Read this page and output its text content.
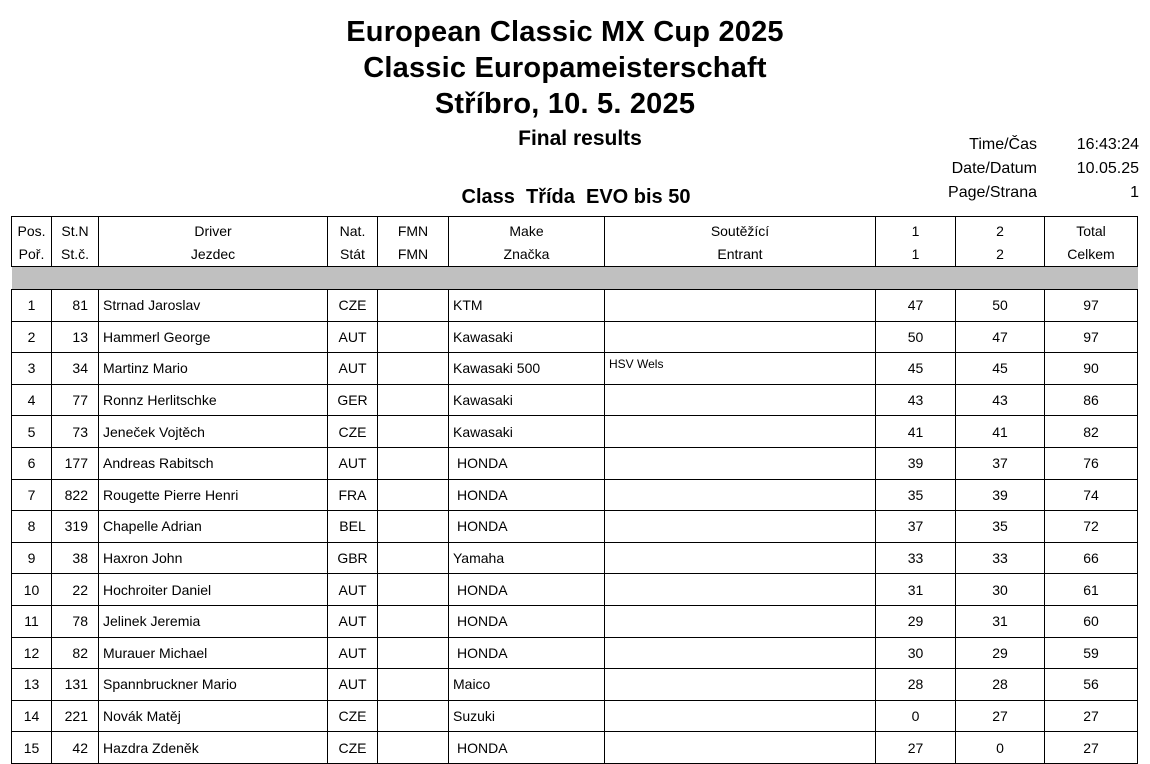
European Classic MX Cup 2025
Classic Europameisterschaft
Stříbro, 10. 5. 2025
Final results
Class  Třída  EVO bis 50
Time/Čas	16:43:24
Date/Datum	10.05.25
Page/Strana	1
Pos.	St.N	Driver	Nat.	FMN	Make	Soutěžící	1	2	Total
Poř.	St.č.	Jezdec	Stát	FMN	Značka	Entrant	1	2	Celkem

1	81	Strnad Jaroslav	CZE		KTM		47	50	97
2	13	Hammerl George	AUT		Kawasaki		50	47	97
3	34	Martinz Mario	AUT		Kawasaki 500	HSV Wels	45	45	90
4	77	Ronnz Herlitschke	GER		Kawasaki		43	43	86
5	73	Jeneček Vojtěch	CZE		Kawasaki		41	41	82
6	177	Andreas Rabitsch	AUT		HONDA		39	37	76
7	822	Rougette Pierre Henri	FRA		HONDA		35	39	74
8	319	Chapelle Adrian	BEL		HONDA		37	35	72
9	38	Haxron John	GBR		Yamaha		33	33	66
10	22	Hochroiter Daniel	AUT		HONDA		31	30	61
11	78	Jelinek Jeremia	AUT		HONDA		29	31	60
12	82	Murauer Michael	AUT		HONDA		30	29	59
13	131	Spannbruckner Mario	AUT		Maico		28	28	56
14	221	Novák Matěj	CZE		Suzuki		0	27	27
15	42	Hazdra Zdeněk	CZE		HONDA		27	0	27
